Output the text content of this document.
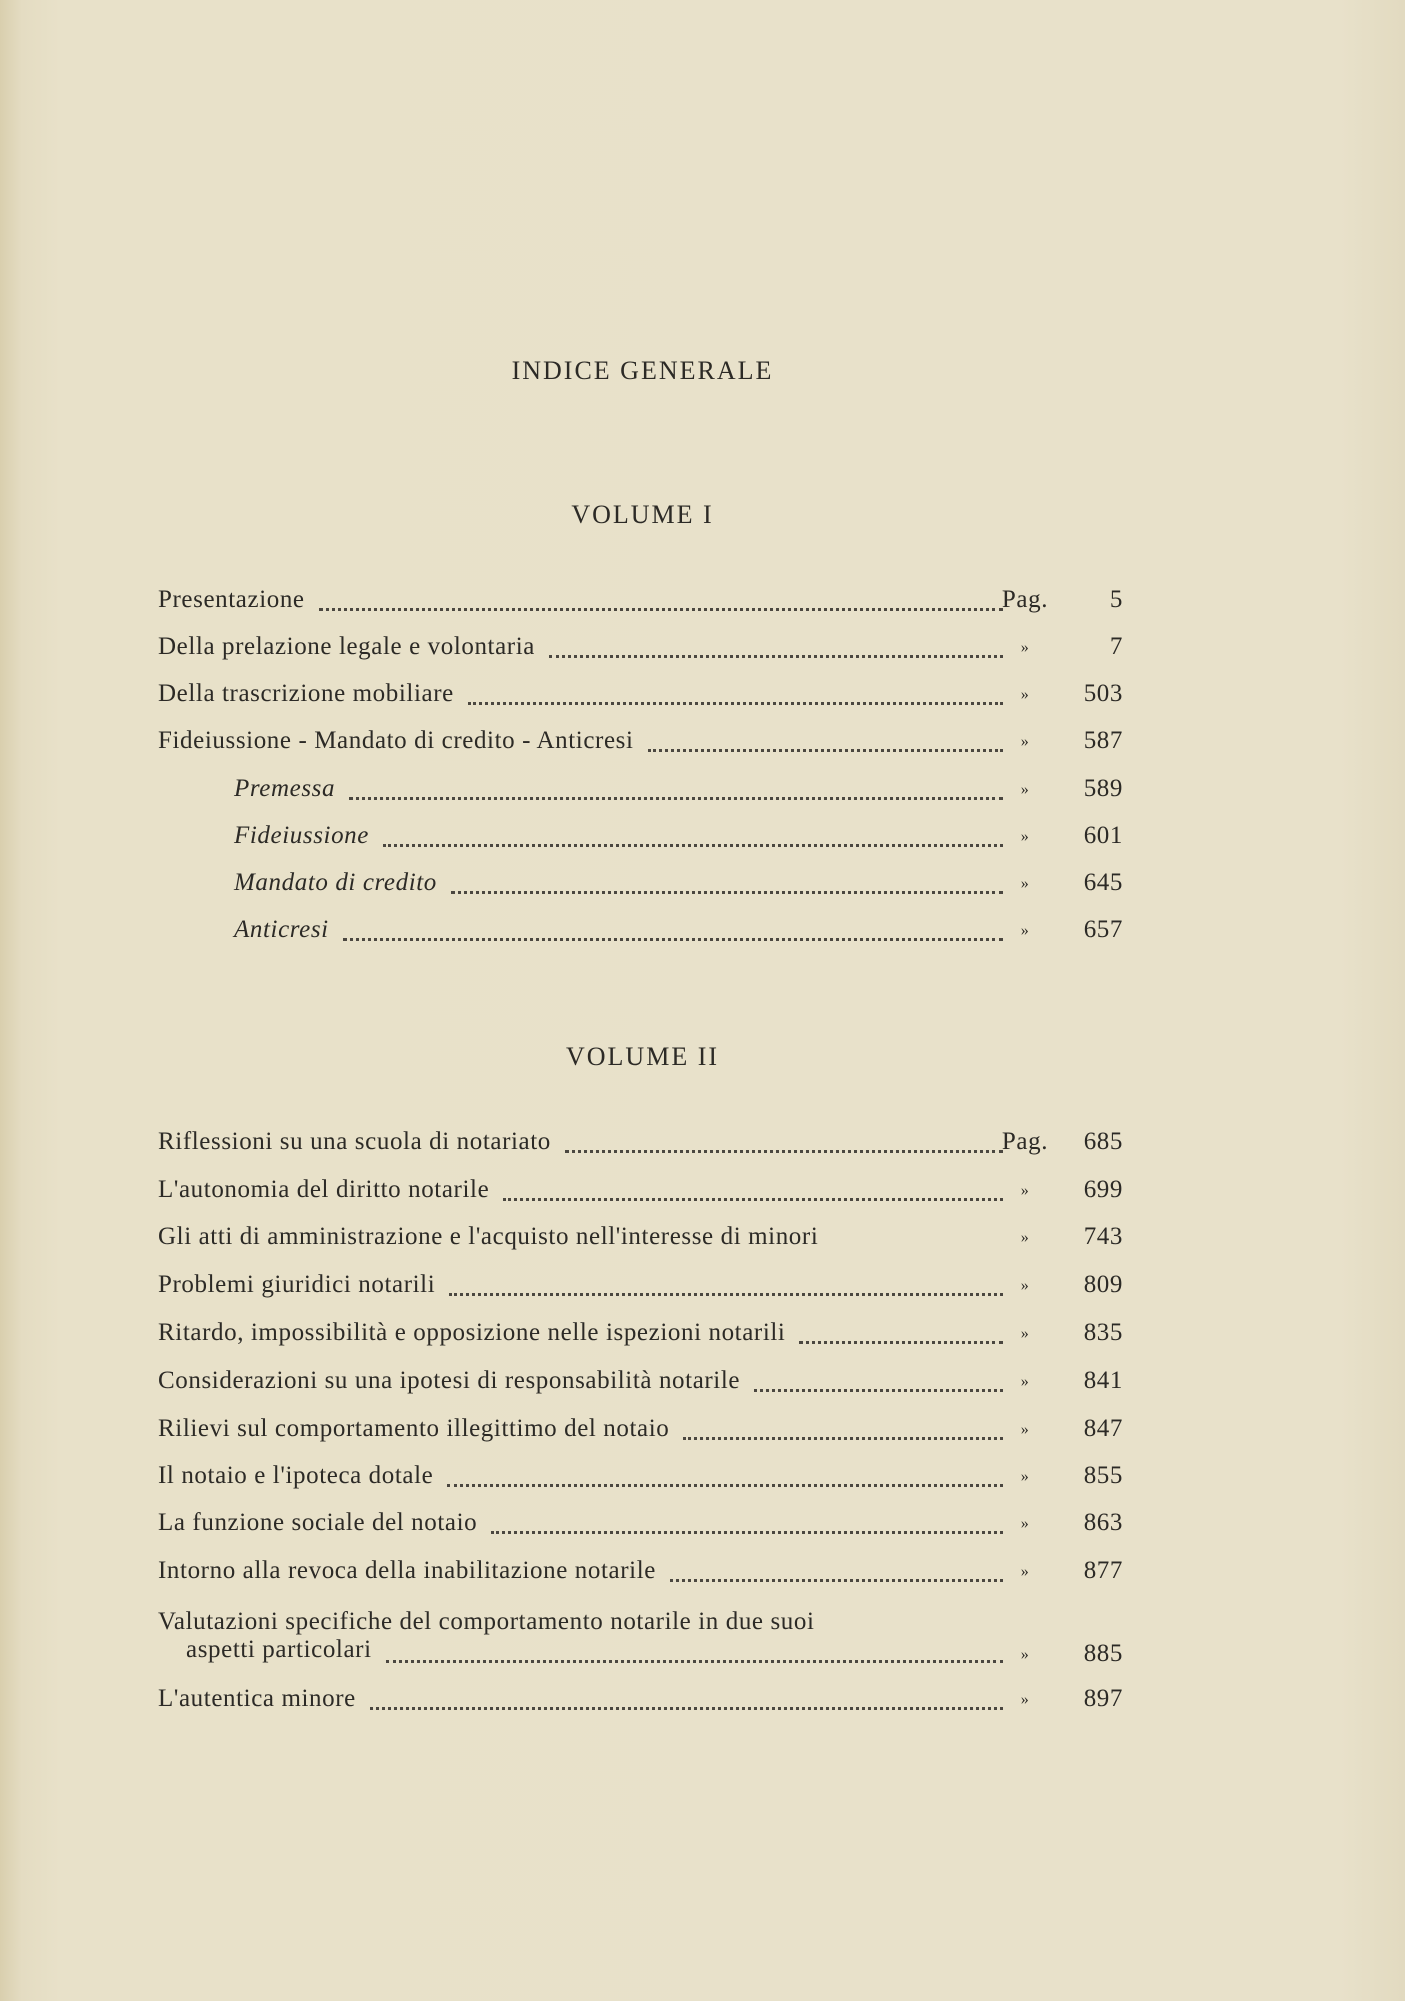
INDICE GENERALE
VOLUME I
Presentazione	Pag.	5
Della prelazione legale e volontaria	»	7
Della trascrizione mobiliare	»	503
Fideiussione - Mandato di credito - Anticresi	»	587
Premessa	»	589
Fideiussione	»	601
Mandato di credito	»	645
Anticresi	»	657
VOLUME II
Riflessioni su una scuola di notariato	Pag.	685
L'autonomia del diritto notarile	»	699
Gli atti di amministrazione e l'acquisto nell'interesse di minori	»	743
Problemi giuridici notarili	»	809
Ritardo, impossibilità e opposizione nelle ispezioni notarili	»	835
Considerazioni su una ipotesi di responsabilità notarile	»	841
Rilievi sul comportamento illegittimo del notaio	»	847
Il notaio e l'ipoteca dotale	»	855
La funzione sociale del notaio	»	863
Intorno alla revoca della inabilitazione notarile	»	877
Valutazioni specifiche del comportamento notarile in due suoi
aspetti particolari	»	885
L'autentica minore	»	897
